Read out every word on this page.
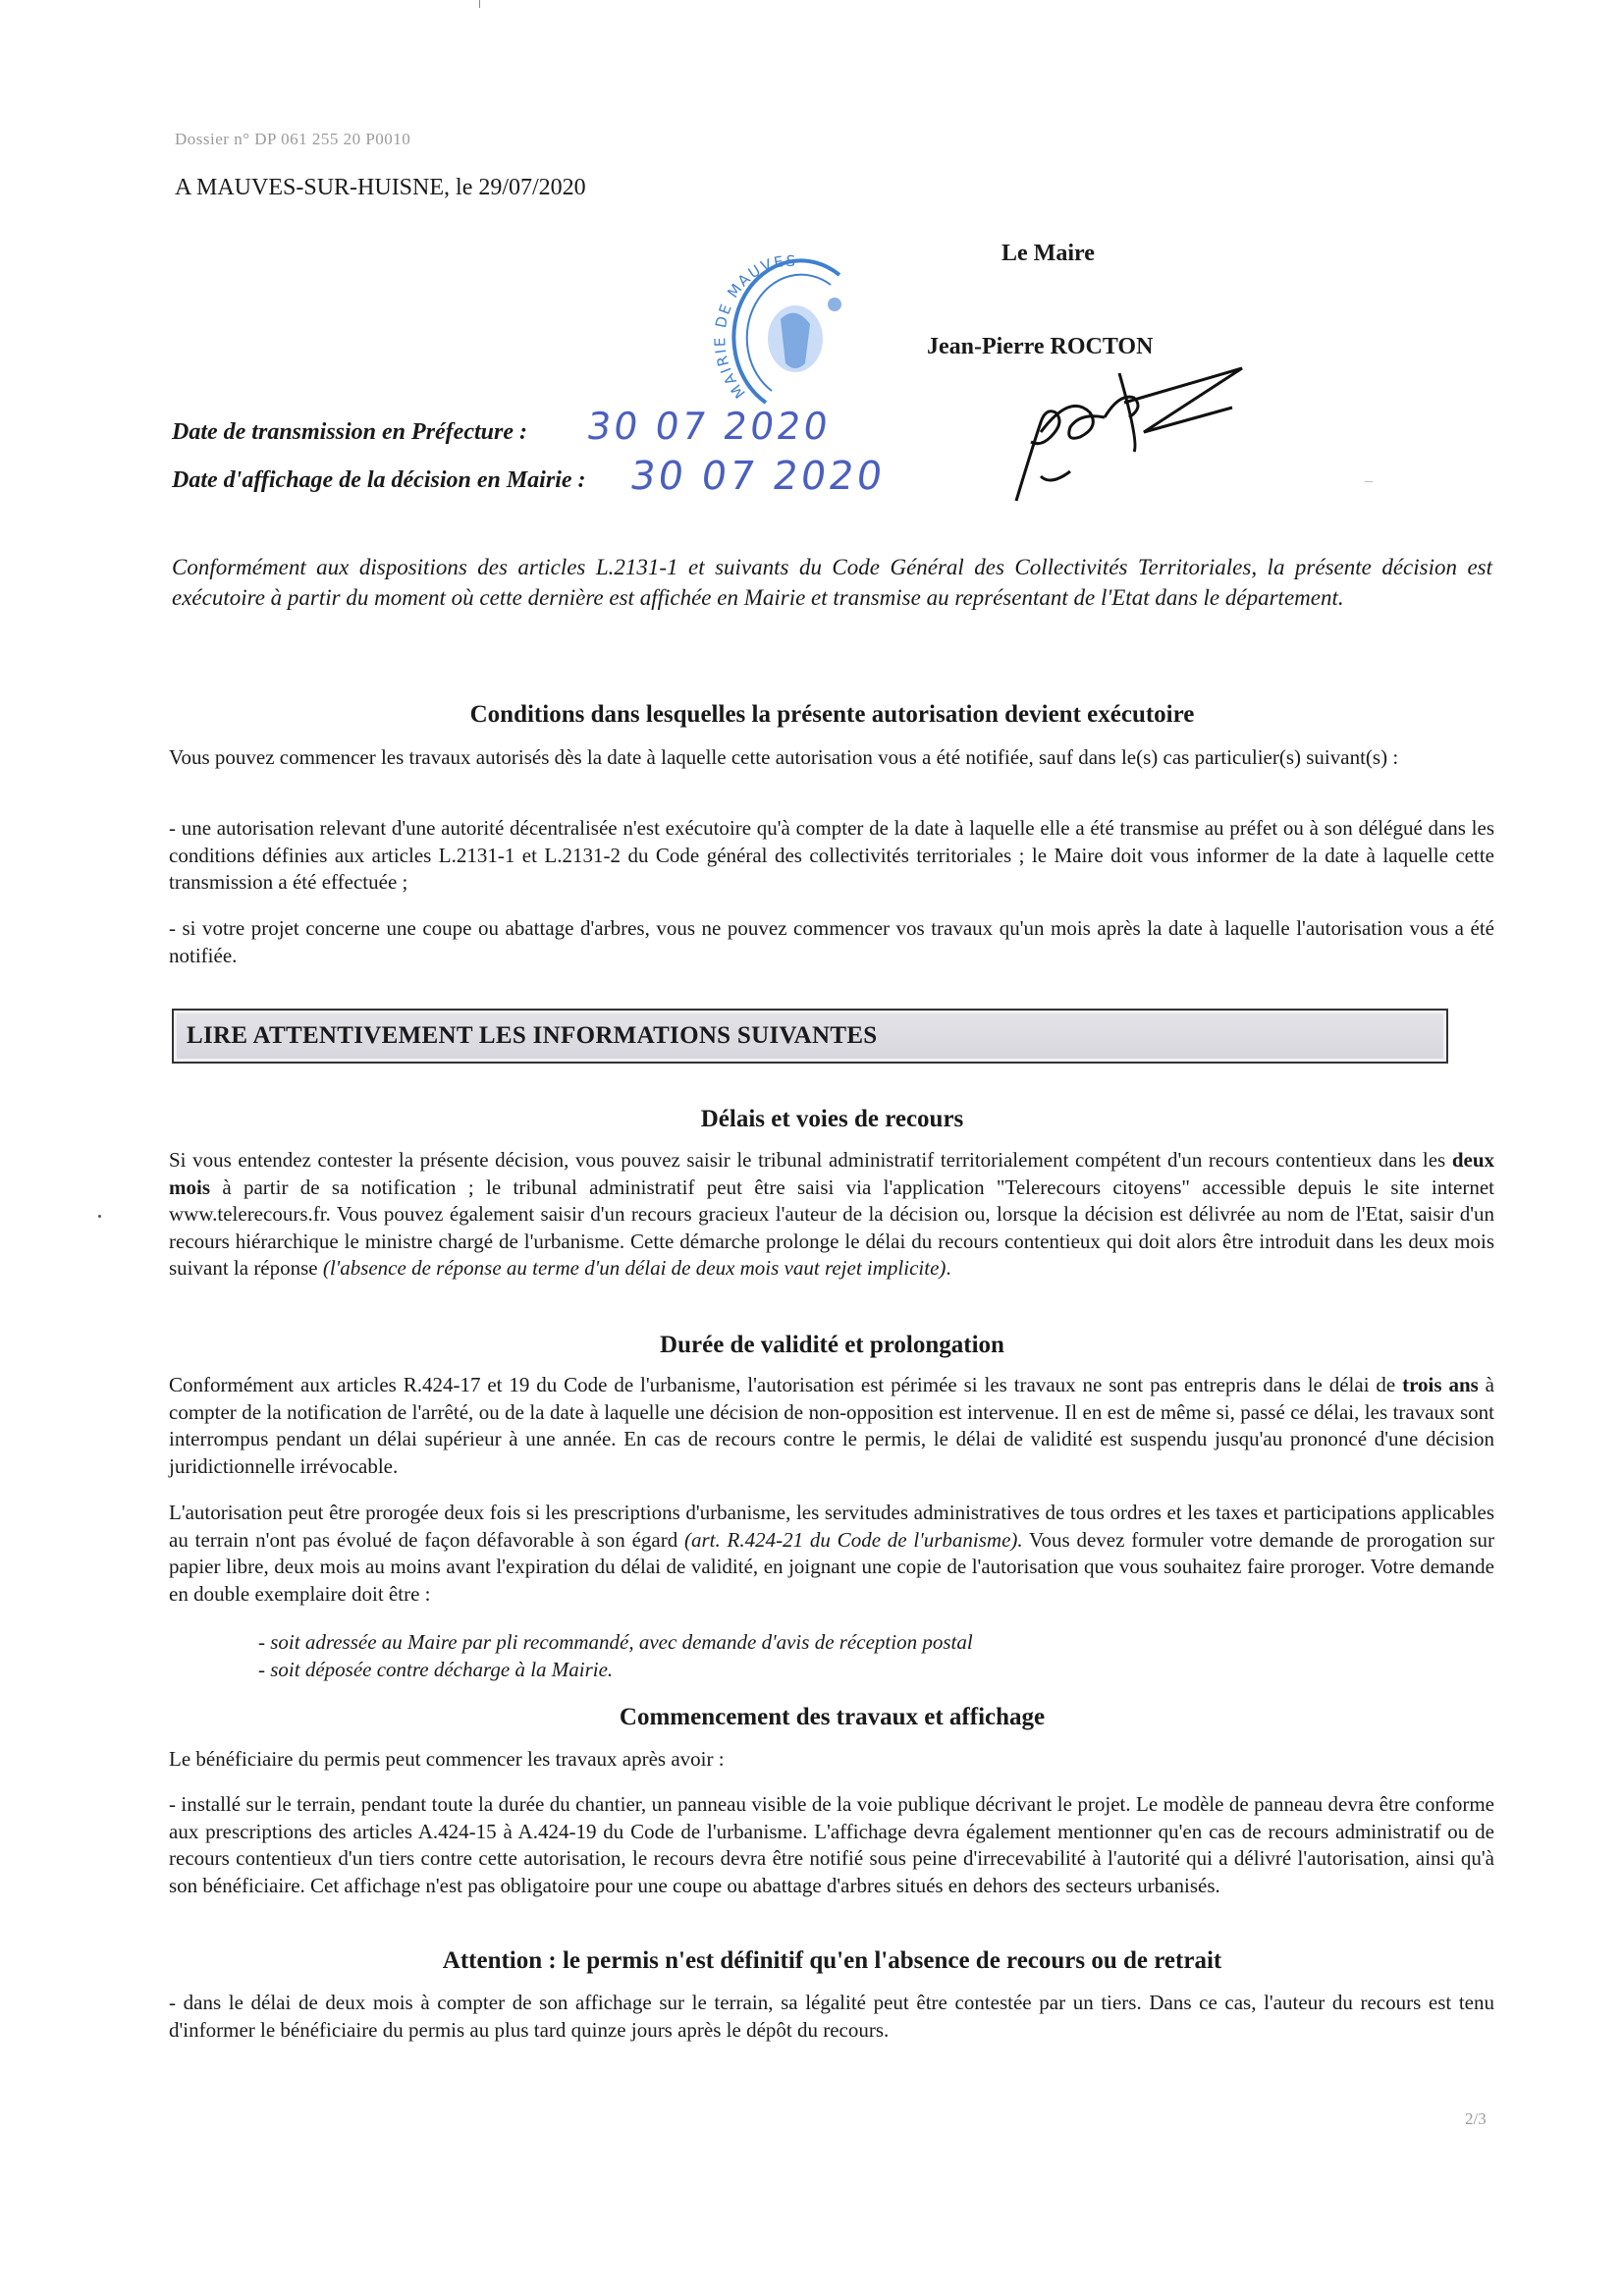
Dossier n° DP 061 255 20 P0010
A MAUVES-SUR-HUISNE, le 29/07/2020
Le Maire
Jean-Pierre ROCTON
MAIRIE DE MAUVES
Date de transmission en Préfecture : 30 07 2020
Date d'affichage de la décision en Mairie : 30 07 2020
Conformément aux dispositions des articles L.2131-1 et suivants du Code Général des Collectivités Territoriales, la présente décision est exécutoire à partir du moment où cette dernière est affichée en Mairie et transmise au représentant de l'Etat dans le département.
Conditions dans lesquelles la présente autorisation devient exécutoire
Vous pouvez commencer les travaux autorisés dès la date à laquelle cette autorisation vous a été notifiée, sauf dans le(s) cas particulier(s) suivant(s) :
- une autorisation relevant d'une autorité décentralisée n'est exécutoire qu'à compter de la date à laquelle elle a été transmise au préfet ou à son délégué dans les conditions définies aux articles L.2131-1 et L.2131-2 du Code général des collectivités territoriales ; le Maire doit vous informer de la date à laquelle cette transmission a été effectuée ;
- si votre projet concerne une coupe ou abattage d'arbres, vous ne pouvez commencer vos travaux qu'un mois après la date à laquelle l'autorisation vous a été notifiée.
LIRE ATTENTIVEMENT LES INFORMATIONS SUIVANTES
Délais et voies de recours
Si vous entendez contester la présente décision, vous pouvez saisir le tribunal administratif territorialement compétent d'un recours contentieux dans les deux mois à partir de sa notification ; le tribunal administratif peut être saisi via l'application "Telerecours citoyens" accessible depuis le site internet www.telerecours.fr. Vous pouvez également saisir d'un recours gracieux l'auteur de la décision ou, lorsque la décision est délivrée au nom de l'Etat, saisir d'un recours hiérarchique le ministre chargé de l'urbanisme. Cette démarche prolonge le délai du recours contentieux qui doit alors être introduit dans les deux mois suivant la réponse (l'absence de réponse au terme d'un délai de deux mois vaut rejet implicite).
Durée de validité et prolongation
Conformément aux articles R.424-17 et 19 du Code de l'urbanisme, l'autorisation est périmée si les travaux ne sont pas entrepris dans le délai de trois ans à compter de la notification de l'arrêté, ou de la date à laquelle une décision de non-opposition est intervenue. Il en est de même si, passé ce délai, les travaux sont interrompus pendant un délai supérieur à une année. En cas de recours contre le permis, le délai de validité est suspendu jusqu'au prononcé d'une décision juridictionnelle irrévocable.
L'autorisation peut être prorogée deux fois si les prescriptions d'urbanisme, les servitudes administratives de tous ordres et les taxes et participations applicables au terrain n'ont pas évolué de façon défavorable à son égard (art. R.424-21 du Code de l'urbanisme). Vous devez formuler votre demande de prorogation sur papier libre, deux mois au moins avant l'expiration du délai de validité, en joignant une copie de l'autorisation que vous souhaitez faire proroger. Votre demande en double exemplaire doit être :
- soit adressée au Maire par pli recommandé, avec demande d'avis de réception postal
- soit déposée contre décharge à la Mairie.
Commencement des travaux et affichage
Le bénéficiaire du permis peut commencer les travaux après avoir :
- installé sur le terrain, pendant toute la durée du chantier, un panneau visible de la voie publique décrivant le projet. Le modèle de panneau devra être conforme aux prescriptions des articles A.424-15 à A.424-19 du Code de l'urbanisme. L'affichage devra également mentionner qu'en cas de recours administratif ou de recours contentieux d'un tiers contre cette autorisation, le recours devra être notifié sous peine d'irrecevabilité à l'autorité qui a délivré l'autorisation, ainsi qu'à son bénéficiaire. Cet affichage n'est pas obligatoire pour une coupe ou abattage d'arbres situés en dehors des secteurs urbanisés.
Attention : le permis n'est définitif qu'en l'absence de recours ou de retrait
- dans le délai de deux mois à compter de son affichage sur le terrain, sa légalité peut être contestée par un tiers. Dans ce cas, l'auteur du recours est tenu d'informer le bénéficiaire du permis au plus tard quinze jours après le dépôt du recours.
2/3
